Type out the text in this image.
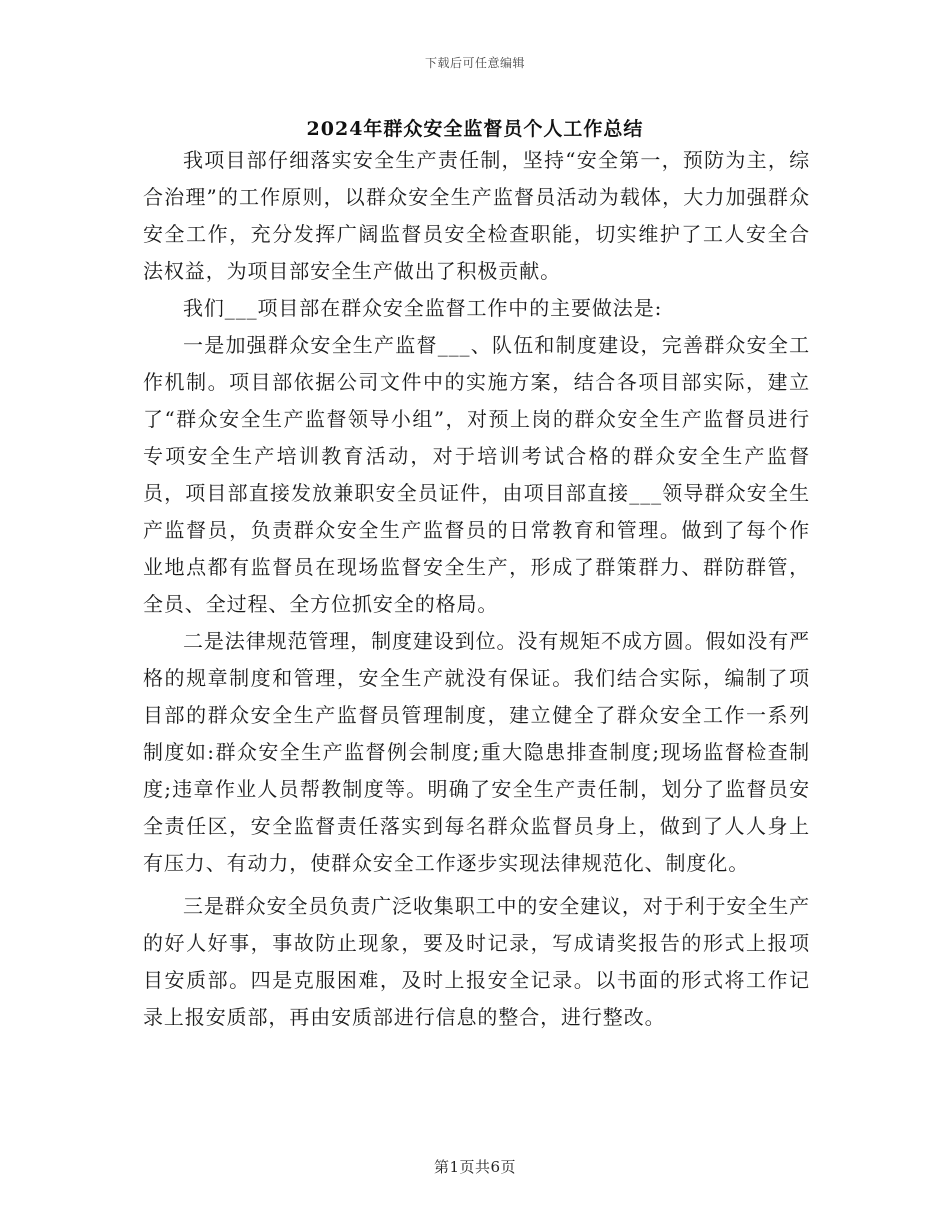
下载后可任意编辑
2024年群众安全监督员个人工作总结

我项目部仔细落实安全生产责任制，坚持“安全第一，预防为主，综合治理”的工作原则，以群众安全生产监督员活动为载体，大力加强群众安全工作，充分发挥广阔监督员安全检查职能，切实维护了工人安全合法权益，为项目部安全生产做出了积极贡献。

我们___项目部在群众安全监督工作中的主要做法是:

一是加强群众安全生产监督___、队伍和制度建设，完善群众安全工作机制。项目部依据公司文件中的实施方案，结合各项目部实际，建立了“群众安全生产监督领导小组”，对预上岗的群众安全生产监督员进行专项安全生产培训教育活动，对于培训考试合格的群众安全生产监督员，项目部直接发放兼职安全员证件，由项目部直接___领导群众安全生产监督员，负责群众安全生产监督员的日常教育和管理。做到了每个作业地点都有监督员在现场监督安全生产，形成了群策群力、群防群管，全员、全过程、全方位抓安全的格局。

二是法律规范管理，制度建设到位。没有规矩不成方圆。假如没有严格的规章制度和管理，安全生产就没有保证。我们结合实际，编制了项目部的群众安全生产监督员管理制度，建立健全了群众安全工作一系列制度如:群众安全生产监督例会制度;重大隐患排查制度;现场监督检查制度;违章作业人员帮教制度等。明确了安全生产责任制，划分了监督员安全责任区，安全监督责任落实到每名群众监督员身上，做到了人人身上有压力、有动力，使群众安全工作逐步实现法律规范化、制度化。

三是群众安全员负责广泛收集职工中的安全建议，对于利于安全生产的好人好事，事故防止现象，要及时记录，写成请奖报告的形式上报项目安质部。四是克服困难，及时上报安全记录。以书面的形式将工作记录上报安质部，再由安质部进行信息的整合，进行整改。

第1页共6页
